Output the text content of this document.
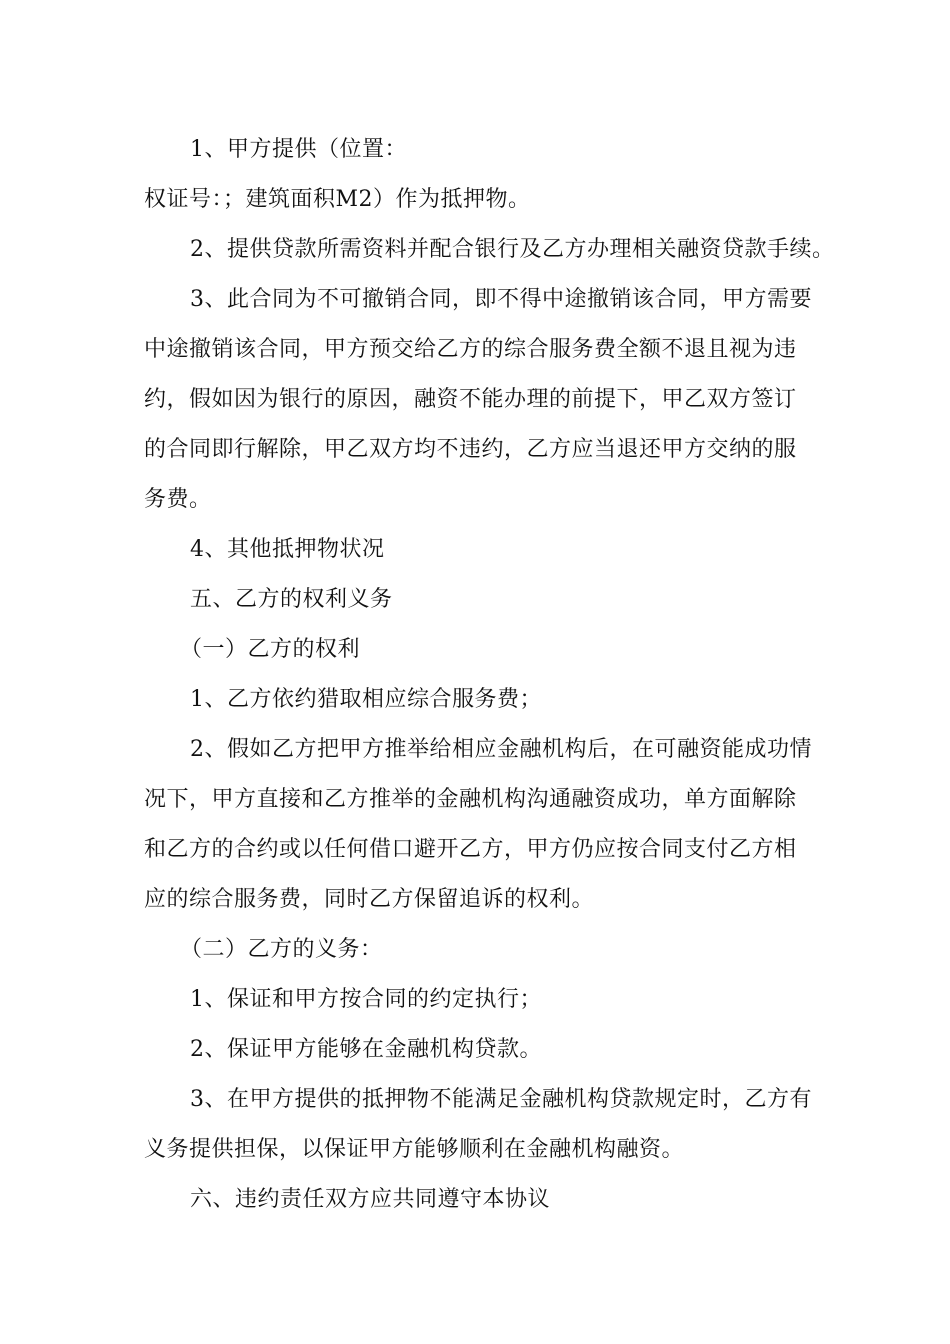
1、甲方提供（位置：
权证号：；建筑面积M2）作为抵押物。
2、提供贷款所需资料并配合银行及乙方办理相关融资贷款手续。
3、此合同为不可撤销合同，即不得中途撤销该合同，甲方需要
中途撤销该合同，甲方预交给乙方的综合服务费全额不退且视为违
约，假如因为银行的原因，融资不能办理的前提下，甲乙双方签订
的合同即行解除，甲乙双方均不违约，乙方应当退还甲方交纳的服
务费。
4、其他抵押物状况
五、乙方的权利义务
（一）乙方的权利
1、乙方依约猎取相应综合服务费；
2、假如乙方把甲方推举给相应金融机构后，在可融资能成功情
况下，甲方直接和乙方推举的金融机构沟通融资成功，单方面解除
和乙方的合约或以任何借口避开乙方，甲方仍应按合同支付乙方相
应的综合服务费，同时乙方保留追诉的权利。
（二）乙方的义务：
1、保证和甲方按合同的约定执行；
2、保证甲方能够在金融机构贷款。
3、在甲方提供的抵押物不能满足金融机构贷款规定时，乙方有
义务提供担保，以保证甲方能够顺利在金融机构融资。
六、违约责任双方应共同遵守本协议
